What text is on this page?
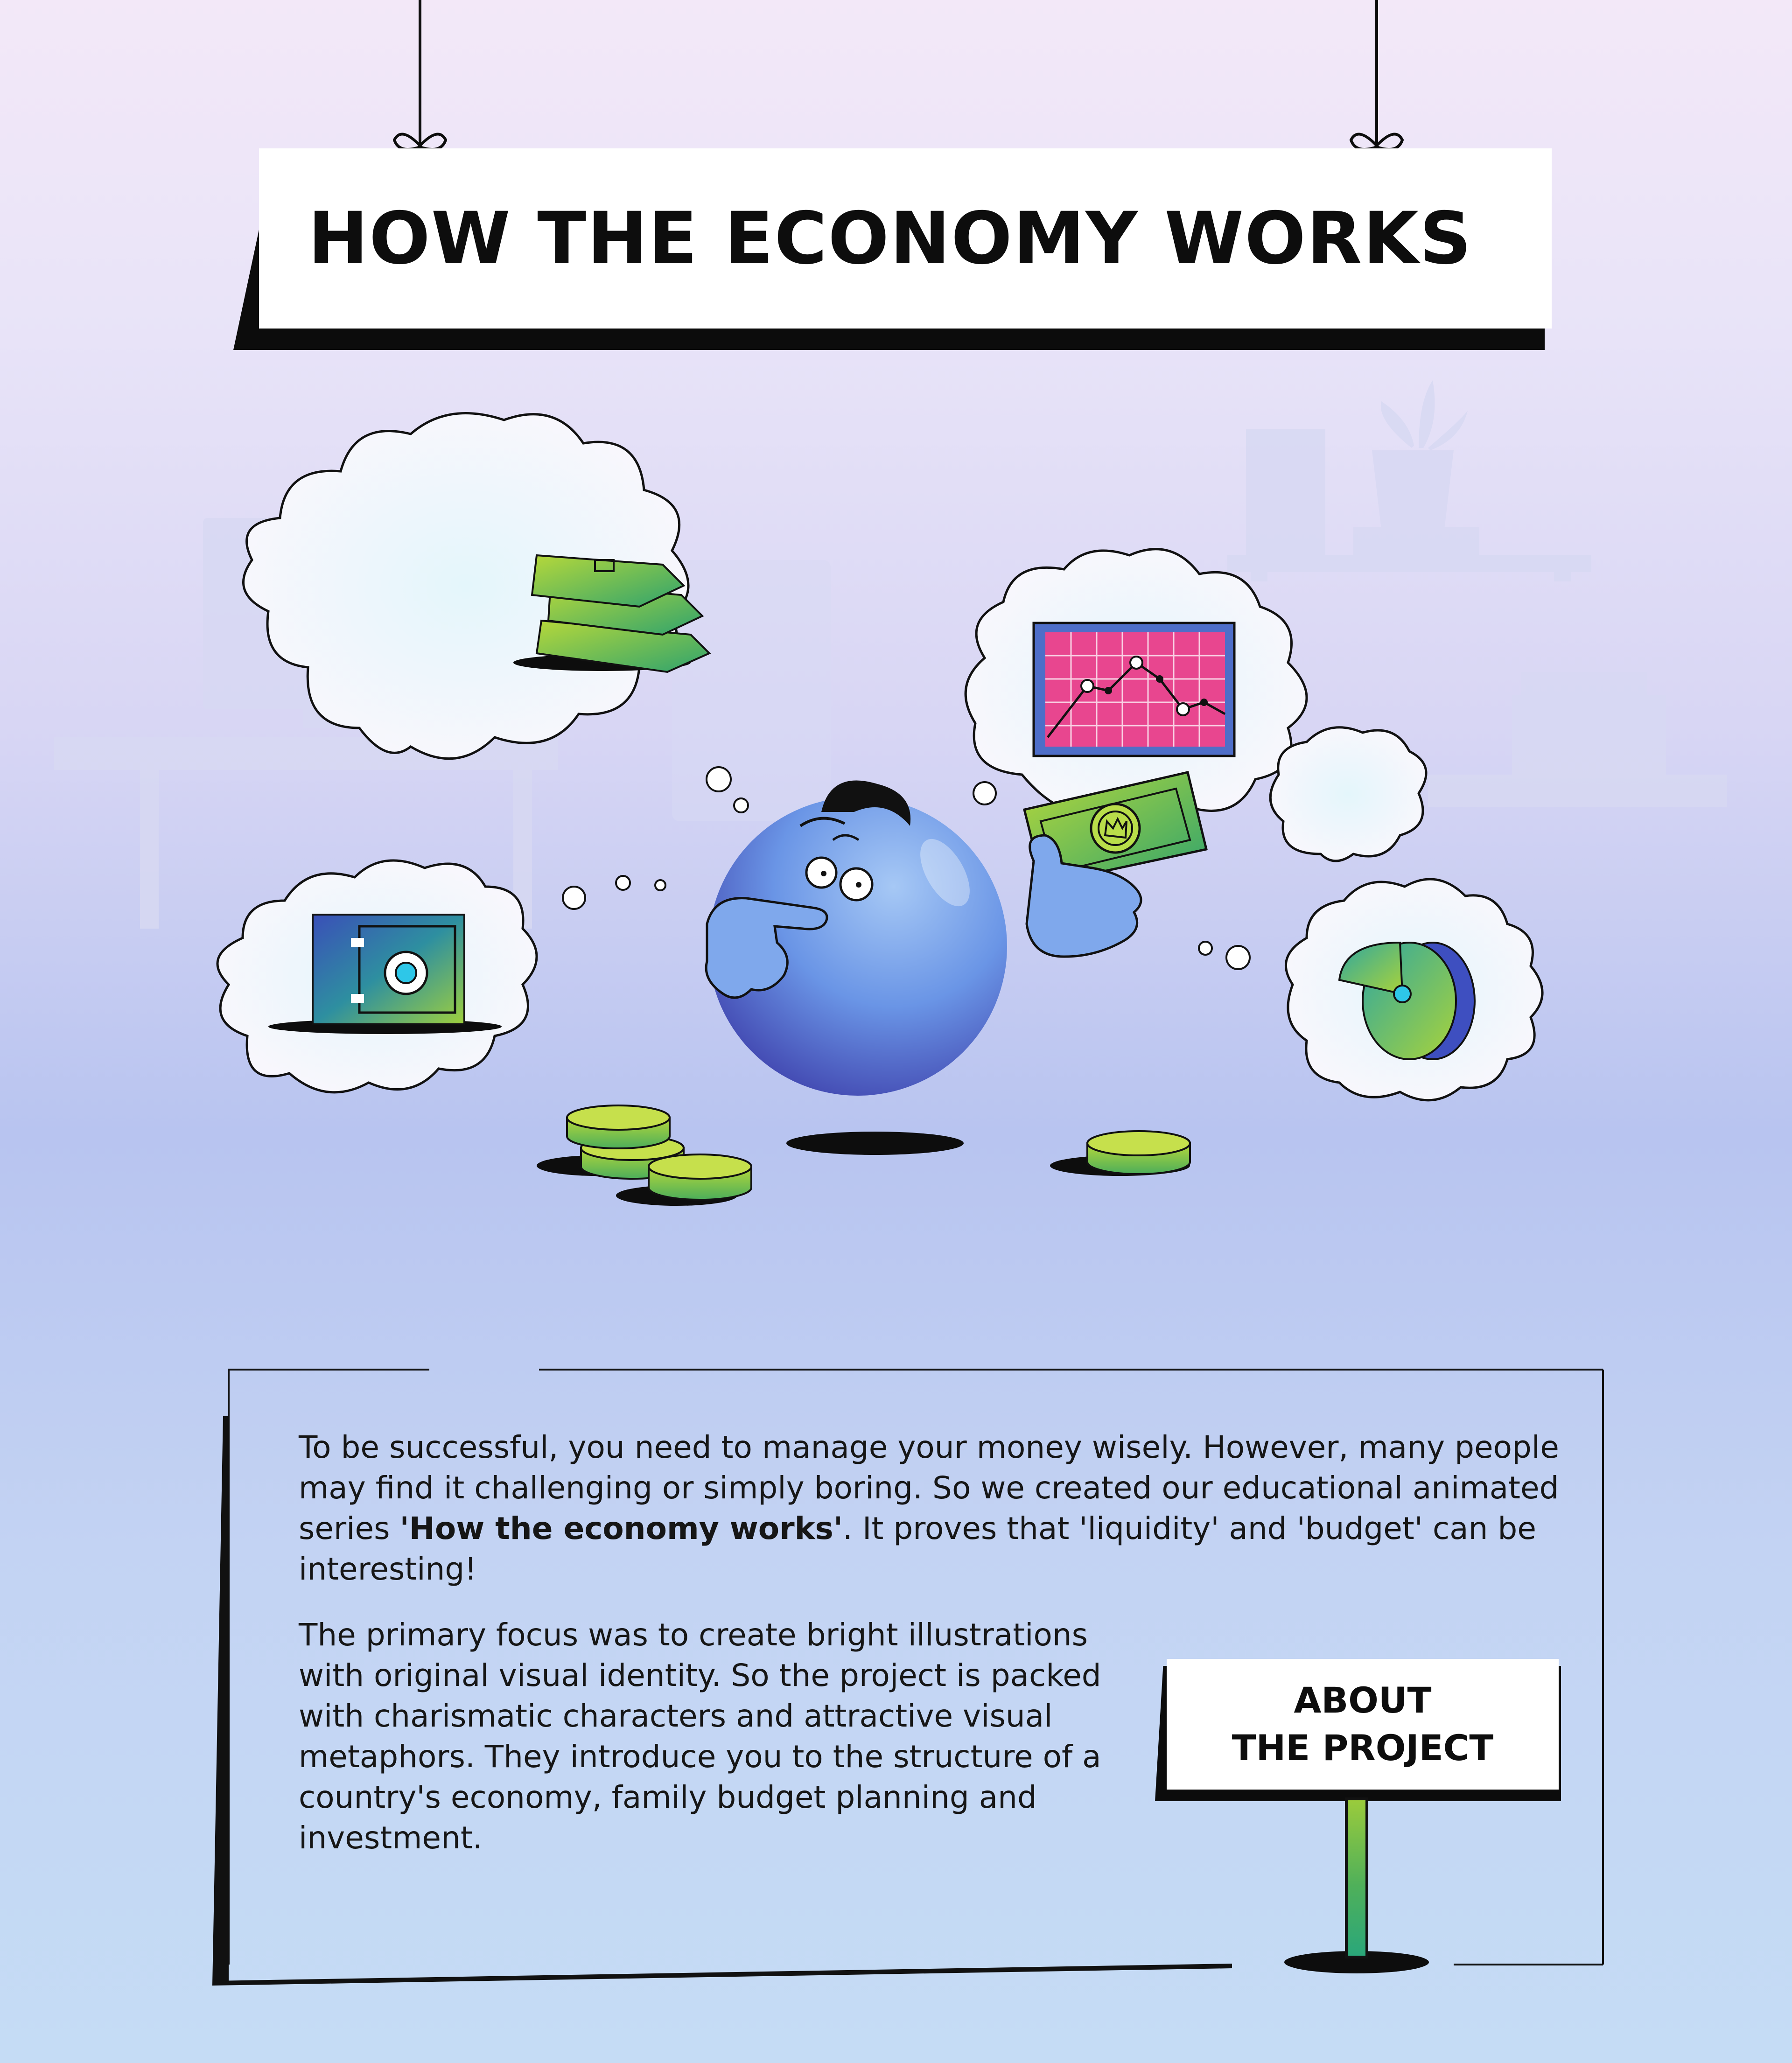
HOW THE ECONOMY WORKS
To be successful, you need to manage your money wisely. However, many people may find it challenging or simply boring. So we created our educational animated series 'How the economy works'. It proves that 'liquidity' and 'budget' can be interesting!
The primary focus was to create bright illustrations with original visual identity. So the project is packed with charismatic characters and attractive visual metaphors. They introduce you to the structure of a country's economy, family budget planning and investment.
ABOUT
THE PROJECT
